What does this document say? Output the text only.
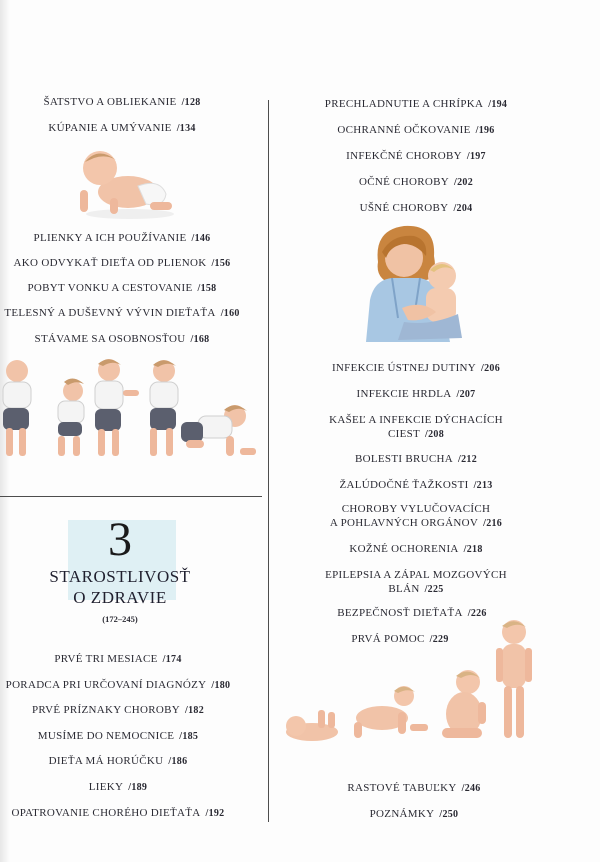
ŠATSTVO A OBLIEKANIE /128
KÚPANIE A UMÝVANIE /134
PLIENKY A ICH POUŽÍVANIE /146
AKO ODVYKAŤ DIEŤA OD PLIENOK /156
POBYT VONKU A CESTOVANIE /158
TELESNÝ A DUŠEVNÝ VÝVIN DIEŤAŤA /160
STÁVAME SA OSOBNOSŤOU /168
3
STAROSTLIVOSŤ
O ZDRAVIE
(172–245)
PRVÉ TRI MESIACE /174
PORADCA PRI URČOVANÍ DIAGNÓZY /180
PRVÉ PRÍZNAKY CHOROBY /182
MUSÍME DO NEMOCNICE /185
DIEŤA MÁ HORÚČKU /186
LIEKY /189
OPATROVANIE CHORÉHO DIEŤAŤA /192
PRECHLADNUTIE A CHRÍPKA /194
OCHRANNÉ OČKOVANIE /196
INFEKČNÉ CHOROBY /197
OČNÉ CHOROBY /202
UŠNÉ CHOROBY /204
INFEKCIE ÚSTNEJ DUTINY /206
INFEKCIE HRDLA /207
KAŠEĽ A INFEKCIE DÝCHACÍCH
CIEST /208
BOLESTI BRUCHA /212
ŽALÚDOČNÉ ŤAŽKOSTI /213
CHOROBY VYLUČOVACÍCH
A POHLAVNÝCH ORGÁNOV /216
KOŽNÉ OCHORENIA /218
EPILEPSIA A ZÁPAL MOZGOVÝCH
BLÁN /225
BEZPEČNOSŤ DIEŤAŤA /226
PRVÁ POMOC /229
RASTOVÉ TABUĽKY /246
POZNÁMKY /250
